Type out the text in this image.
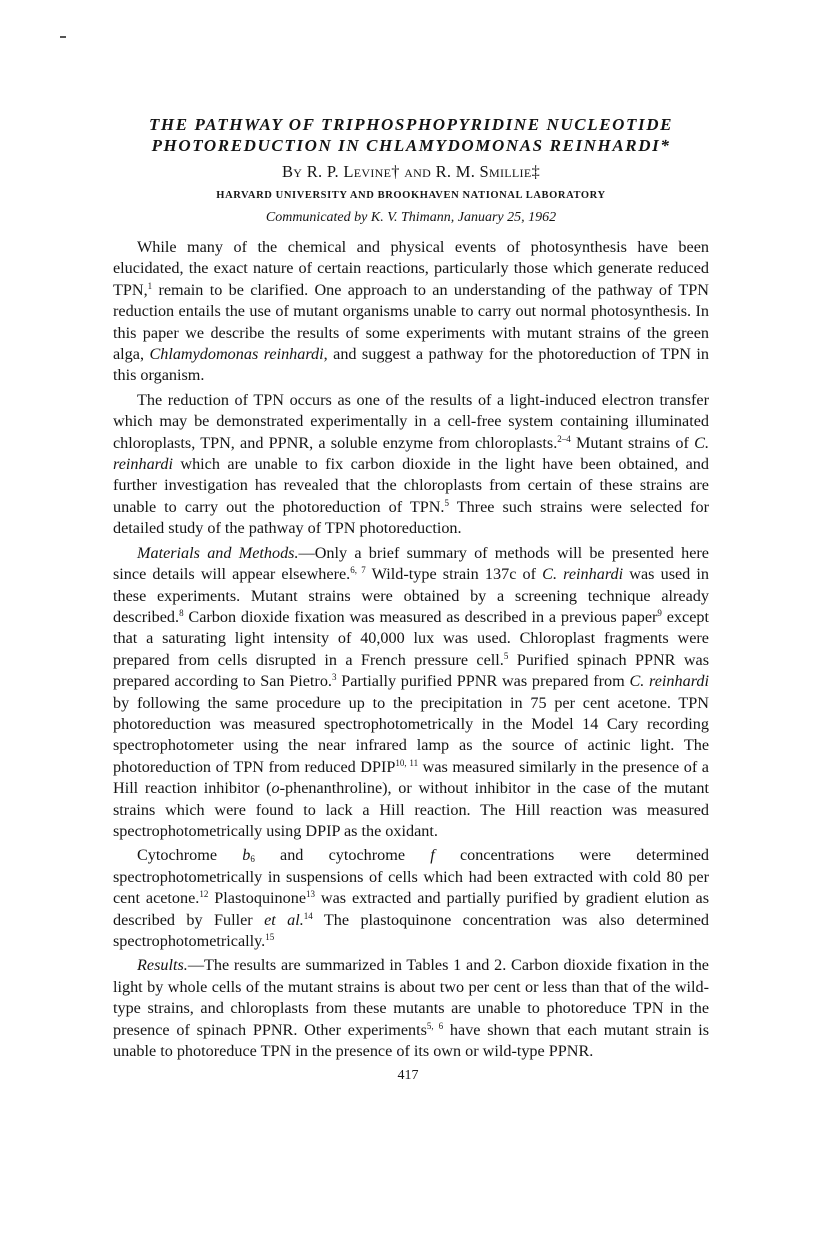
THE PATHWAY OF TRIPHOSPHOPYRIDINE NUCLEOTIDE
PHOTOREDUCTION IN CHLAMYDOMONAS REINHARDI*
By R. P. Levine† and R. M. Smillie‡
HARVARD UNIVERSITY AND BROOKHAVEN NATIONAL LABORATORY
Communicated by K. V. Thimann, January 25, 1962

While many of the chemical and physical events of photosynthesis have been elucidated, the exact nature of certain reactions, particularly those which generate reduced TPN,$^1$ remain to be clarified. One approach to an understanding of the pathway of TPN reduction entails the use of mutant organisms unable to carry out normal photosynthesis. In this paper we describe the results of some experiments with mutant strains of the green alga, Chlamydomonas reinhardi, and suggest a pathway for the photoreduction of TPN in this organism.

The reduction of TPN occurs as one of the results of a light-induced electron transfer which may be demonstrated experimentally in a cell-free system containing illuminated chloroplasts, TPN, and PPNR, a soluble enzyme from chloroplasts.$^{2-4}$ Mutant strains of C. reinhardi which are unable to fix carbon dioxide in the light have been obtained, and further investigation has revealed that the chloroplasts from certain of these strains are unable to carry out the photoreduction of TPN.$^5$ Three such strains were selected for detailed study of the pathway of TPN photoreduction.

Materials and Methods.—Only a brief summary of methods will be presented here since details will appear elsewhere.$^{6, 7}$ Wild-type strain 137c of C. reinhardi was used in these experiments. Mutant strains were obtained by a screening technique already described.$^8$ Carbon dioxide fixation was measured as described in a previous paper$^9$ except that a saturating light intensity of 40,000 lux was used. Chloroplast fragments were prepared from cells disrupted in a French pressure cell.$^5$ Purified spinach PPNR was prepared according to San Pietro.$^3$ Partially purified PPNR was prepared from C. reinhardi by following the same procedure up to the precipitation in 75 per cent acetone. TPN photoreduction was measured spectrophotometrically in the Model 14 Cary recording spectrophotometer using the near infrared lamp as the source of actinic light. The photoreduction of TPN from reduced DPIP$^{10, 11}$ was measured similarly in the presence of a Hill reaction inhibitor (o-phenanthroline), or without inhibitor in the case of the mutant strains which were found to lack a Hill reaction. The Hill reaction was measured spectrophotometrically using DPIP as the oxidant.

Cytochrome $b_6$ and cytochrome f concentrations were determined spectrophotometrically in suspensions of cells which had been extracted with cold 80 per cent acetone.$^{12}$ Plastoquinone$^{13}$ was extracted and partially purified by gradient elution as described by Fuller et al.$^{14}$ The plastoquinone concentration was also determined spectrophotometrically.$^{15}$

Results.—The results are summarized in Tables 1 and 2. Carbon dioxide fixation in the light by whole cells of the mutant strains is about two per cent or less than that of the wild-type strains, and chloroplasts from these mutants are unable to photoreduce TPN in the presence of spinach PPNR. Other experiments$^{5, 6}$ have shown that each mutant strain is unable to photoreduce TPN in the presence of its own or wild-type PPNR.

417
